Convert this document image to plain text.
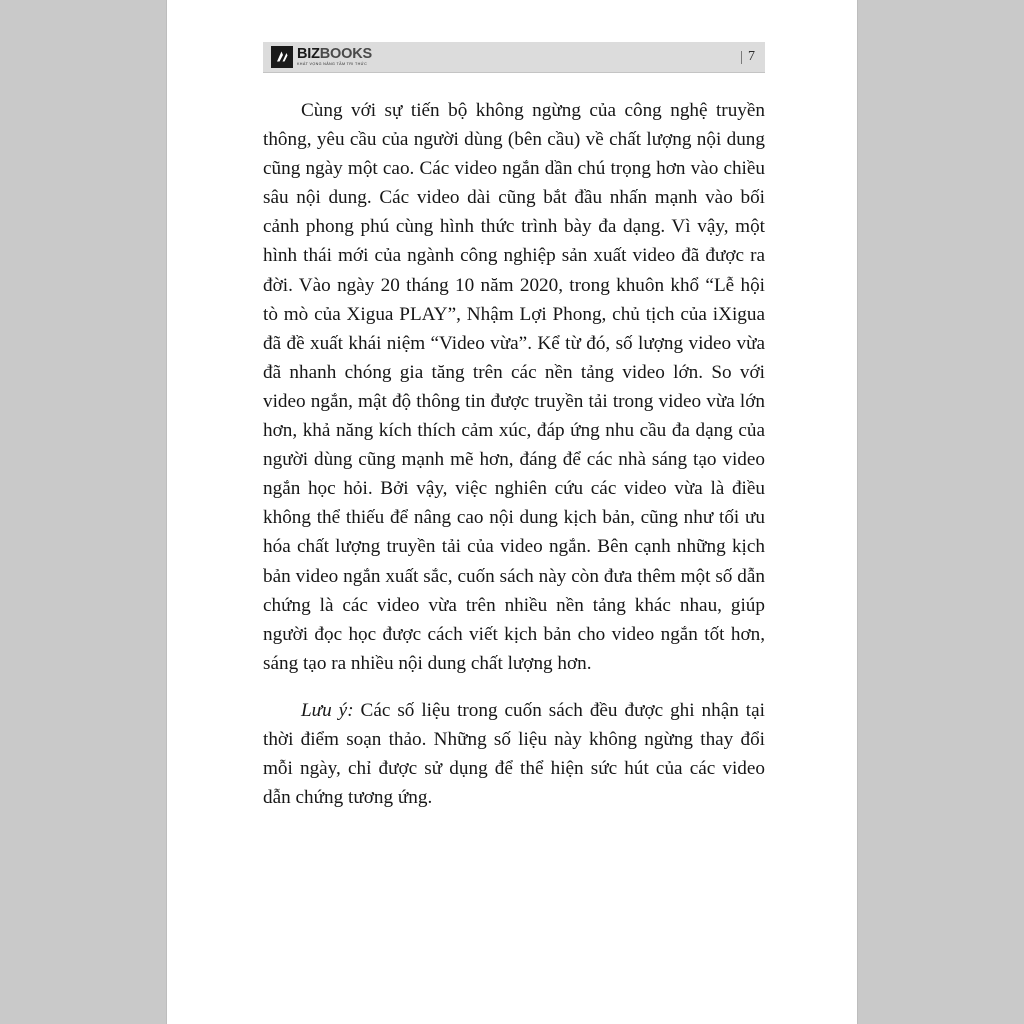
BIZBOOKS
KHÁT VỌNG NÂNG TẦM TRI THỨC
7

Cùng với sự tiến bộ không ngừng của công nghệ truyền thông, yêu cầu của người dùng (bên cầu) về chất lượng nội dung cũng ngày một cao. Các video ngắn dần chú trọng hơn vào chiều sâu nội dung. Các video dài cũng bắt đầu nhấn mạnh vào bối cảnh phong phú cùng hình thức trình bày đa dạng. Vì vậy, một hình thái mới của ngành công nghiệp sản xuất video đã được ra đời. Vào ngày 20 tháng 10 năm 2020, trong khuôn khổ “Lễ hội tò mò của Xigua PLAY”, Nhậm Lợi Phong, chủ tịch của iXigua đã đề xuất khái niệm “Video vừa”. Kể từ đó, số lượng video vừa đã nhanh chóng gia tăng trên các nền tảng video lớn. So với video ngắn, mật độ thông tin được truyền tải trong video vừa lớn hơn, khả năng kích thích cảm xúc, đáp ứng nhu cầu đa dạng của người dùng cũng mạnh mẽ hơn, đáng để các nhà sáng tạo video ngắn học hỏi. Bởi vậy, việc nghiên cứu các video vừa là điều không thể thiếu để nâng cao nội dung kịch bản, cũng như tối ưu hóa chất lượng truyền tải của video ngắn. Bên cạnh những kịch bản video ngắn xuất sắc, cuốn sách này còn đưa thêm một số dẫn chứng là các video vừa trên nhiều nền tảng khác nhau, giúp người đọc học được cách viết kịch bản cho video ngắn tốt hơn, sáng tạo ra nhiều nội dung chất lượng hơn.

Lưu ý: Các số liệu trong cuốn sách đều được ghi nhận tại thời điểm soạn thảo. Những số liệu này không ngừng thay đổi mỗi ngày, chỉ được sử dụng để thể hiện sức hút của các video dẫn chứng tương ứng.
